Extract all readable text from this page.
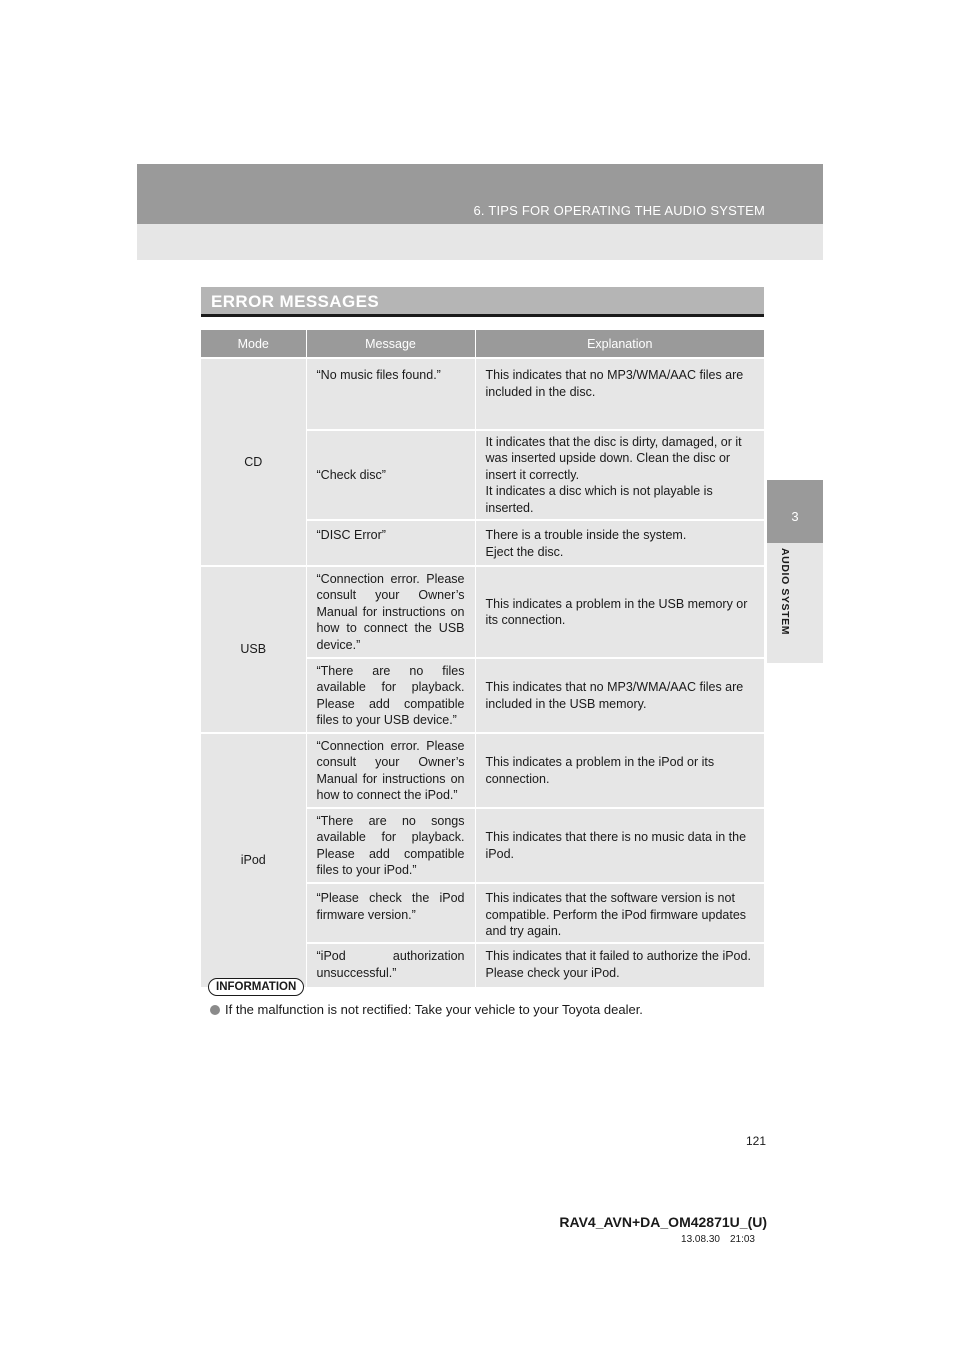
6. TIPS FOR OPERATING THE AUDIO SYSTEM
3
AUDIO SYSTEM
ERROR MESSAGES
Mode	Message	Explanation
CD	“No music files found.”	This indicates that no MP3/WMA/AAC files are included in the disc.
	“Check disc”	It indicates that the disc is dirty, damaged, or it was inserted upside down. Clean the disc or insert it correctly.
It indicates a disc which is not playable is inserted.

	“DISC Error”	There is a trouble inside the system.
Eject the disc.

USB	“Connection error. Please consult your Owner’s Manual for instructions on how to connect the USB device.”	This indicates a problem in the USB memory or its connection.
	“There are no files available for playback. Please add compatible files to your USB device.”	This indicates that no MP3/WMA/AAC files are included in the USB memory.
iPod	“Connection error. Please consult your Owner’s Manual for instructions on how to connect the iPod.”	This indicates a problem in the iPod or its connection.
	“There are no songs available for playback. Please add compatible files to your iPod.”	This indicates that there is no music data in the iPod.
	“Please check the iPod firmware version.”	This indicates that the software version is not compatible. Perform the iPod firmware updates and try again.
	“iPod authorization unsuccessful.”	This indicates that it failed to authorize the iPod. Please check your iPod.
INFORMATION
If the malfunction is not rectified: Take your vehicle to your Toyota dealer.
121
RAV4_AVN+DA_OM42871U_(U)
13.08.30 21:03
